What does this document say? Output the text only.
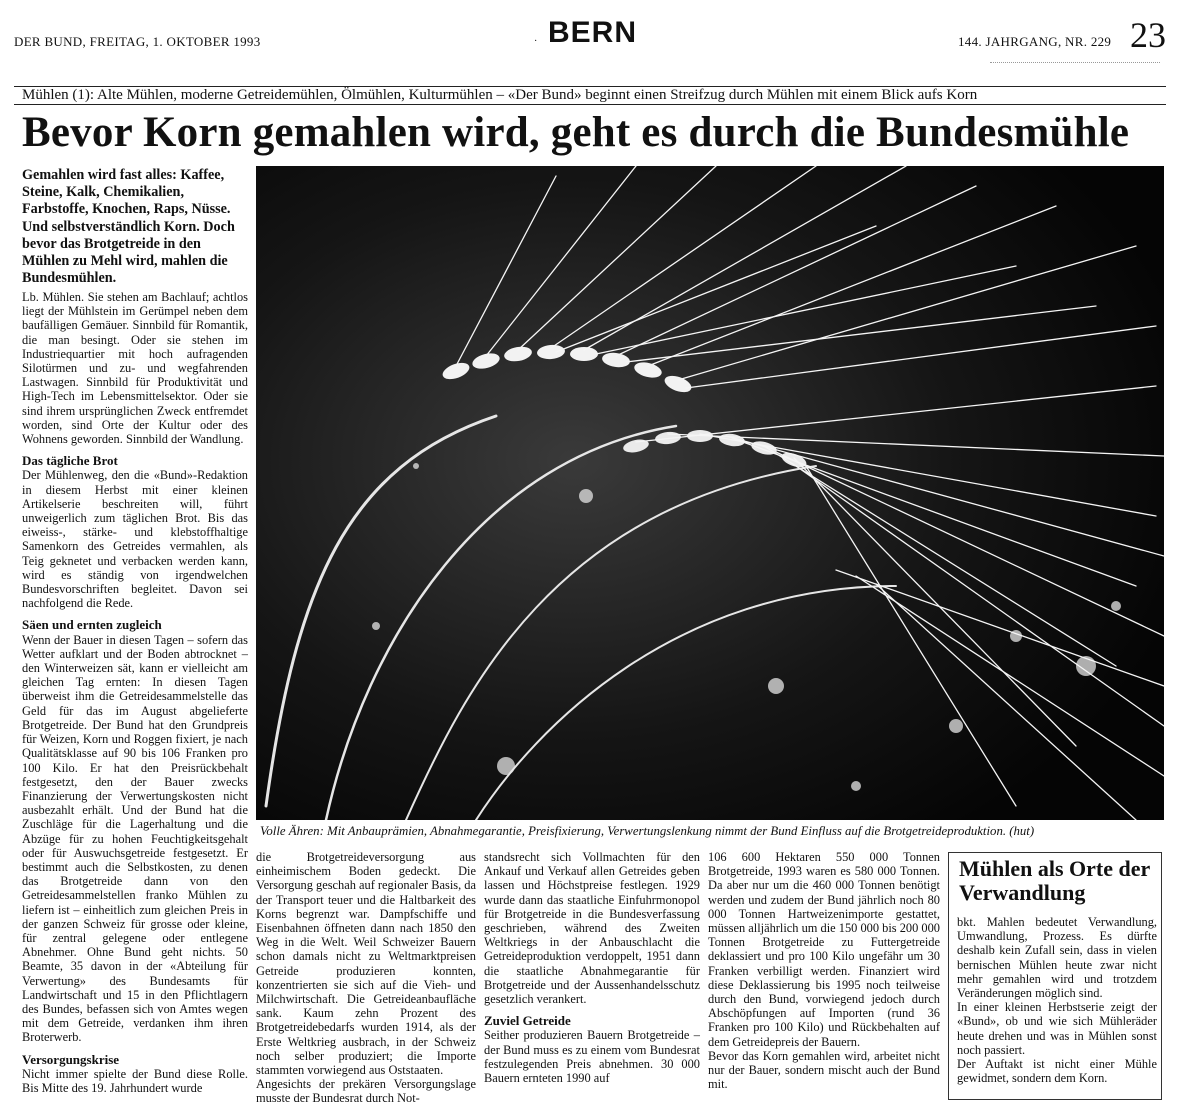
DER BUND, FREITAG, 1. OKTOBER 1993	· BERN	144. JAHRGANG, NR. 229 23
Mühlen (1): Alte Mühlen, moderne Getreidemühlen, Ölmühlen, Kulturmühlen – «Der Bund» beginnt einen Streifzug durch Mühlen mit einem Blick aufs Korn
Bevor Korn gemahlen wird, geht es durch die Bundesmühle
Gemahlen wird fast alles: Kaffee, Steine, Kalk, Chemikalien, Farbstoffe, Knochen, Raps, Nüsse. Und selbstverständlich Korn. Doch bevor das Brotgetreide in den Mühlen zu Mehl wird, mahlen die Bundesmühlen.

Lb. Mühlen. Sie stehen am Bachlauf; achtlos liegt der Mühlstein im Gerümpel neben dem baufälligen Gemäuer. Sinnbild für Romantik, die man besingt. Oder sie stehen im Industriequartier mit hoch aufragenden Silotürmen und zu- und wegfahrenden Lastwagen. Sinnbild für Produktivität und High-Tech im Lebensmittelsektor. Oder sie sind ihrem ursprünglichen Zweck entfremdet worden, sind Orte der Kultur oder des Wohnens geworden. Sinnbild der Wandlung.

Das tägliche Brot

Der Mühlenweg, den die «Bund»-Redaktion in diesem Herbst mit einer kleinen Artikelserie beschreiten will, führt unweigerlich zum täglichen Brot. Bis das eiweiss-, stärke- und klebstoffhaltige Samenkorn des Getreides vermahlen, als Teig geknetet und verbacken werden kann, wird es ständig von irgendwelchen Bundesvorschriften begleitet. Davon sei nachfolgend die Rede.

Säen und ernten zugleich

Wenn der Bauer in diesen Tagen – sofern das Wetter aufklart und der Boden abtrocknet – den Winterweizen sät, kann er vielleicht am gleichen Tag ernten: In diesen Tagen überweist ihm die Getreidesammelstelle das Geld für das im August abgelieferte Brotgetreide. Der Bund hat den Grundpreis für Weizen, Korn und Roggen fixiert, je nach Qualitätsklasse auf 90 bis 106 Franken pro 100 Kilo. Er hat den Preisrückbehalt festgesetzt, den der Bauer zwecks Finanzierung der Verwertungskosten nicht ausbezahlt erhält. Und der Bund hat die Zuschläge für die Lagerhaltung und die Abzüge für zu hohen Feuchtigkeitsgehalt oder für Auswuchsgetreide festgesetzt. Er bestimmt auch die Selbstkosten, zu denen das Brotgetreide dann von den Getreidesammelstellen franko Mühlen zu liefern ist – einheitlich zum gleichen Preis in der ganzen Schweiz für grosse oder kleine, für zentral gelegene oder entlegene Abnehmer. Ohne Bund geht nichts. 50 Beamte, 35 davon in der «Abteilung für Verwertung» des Bundesamts für Landwirtschaft und 15 in den Pflichtlagern des Bundes, befassen sich von Amtes wegen mit dem Getreide, verdanken ihm ihren Broterwerb.

Versorgungskrise

Nicht immer spielte der Bund diese Rolle. Bis Mitte des 19. Jahrhundert wurde

Volle Ähren: Mit Anbauprämien, Abnahmegarantie, Preisfixierung, Verwertungslenkung nimmt der Bund Einfluss auf die Brotgetreideproduktion. (hut)

die Brotgetreideversorgung aus einheimischem Boden gedeckt. Die Versorgung geschah auf regionaler Basis, da der Transport teuer und die Haltbarkeit des Korns begrenzt war. Dampfschiffe und Eisenbahnen öffneten dann nach 1850 den Weg in die Welt. Weil Schweizer Bauern schon damals nicht zu Weltmarktpreisen Getreide produzieren konnten, konzentrierten sie sich auf die Vieh- und Milchwirtschaft. Die Getreideanbaufläche sank. Kaum zehn Prozent des Brotgetreidebedarfs wurden 1914, als der Erste Weltkrieg ausbrach, in der Schweiz noch selber produziert; die Importe stammten vorwiegend aus Oststaaten.

Angesichts der prekären Versorgungslage musste der Bundesrat durch Not-

standsrecht sich Vollmachten für den Ankauf und Verkauf allen Getreides geben lassen und Höchstpreise festlegen. 1929 wurde dann das staatliche Einfuhrmonopol für Brotgetreide in die Bundesverfassung geschrieben, während des Zweiten Weltkriegs in der Anbauschlacht die Getreideproduktion verdoppelt, 1951 dann die staatliche Abnahmegarantie für Brotgetreide und der Aussenhandelsschutz gesetzlich verankert.

Zuviel Getreide

Seither produzieren Bauern Brotgetreide – der Bund muss es zu einem vom Bundesrat festzulegenden Preis abnehmen. 30 000 Bauern ernteten 1990 auf

106 600 Hektaren 550 000 Tonnen Brotgetreide, 1993 waren es 580 000 Tonnen. Da aber nur um die 460 000 Tonnen benötigt werden und zudem der Bund jährlich noch 80 000 Tonnen Hartweizenimporte gestattet, müssen alljährlich um die 150 000 bis 200 000 Tonnen Brotgetreide zu Futtergetreide deklassiert und pro 100 Kilo ungefähr um 30 Franken verbilligt werden. Finanziert wird diese Deklassierung bis 1995 noch teilweise durch den Bund, vorwiegend jedoch durch Abschöpfungen auf Importen (rund 36 Franken pro 100 Kilo) und Rückbehalten auf dem Getreidepreis der Bauern.

Bevor das Korn gemahlen wird, arbeitet nicht nur der Bauer, sondern mischt auch der Bund mit.

Mühlen als Orte der Verwandlung

bkt. Mahlen bedeutet Verwandlung, Umwandlung, Prozess. Es dürfte deshalb kein Zufall sein, dass in vielen bernischen Mühlen heute zwar nicht mehr gemahlen wird und trotzdem Veränderungen möglich sind.

In einer kleinen Herbstserie zeigt der «Bund», ob und wie sich Mühleräder heute drehen und was in Mühlen sonst noch passiert.

Der Auftakt ist nicht einer Mühle gewidmet, sondern dem Korn.
